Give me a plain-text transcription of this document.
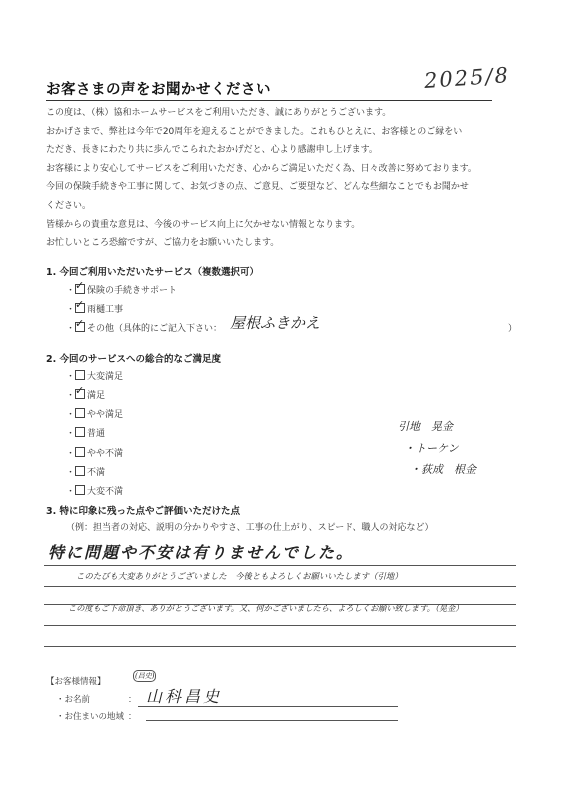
お客さまの声をお聞かせください	2025/8

この度は、（株）協和ホームサービスをご利用いただき、誠にありがとうございます。

おかげさまで、弊社は今年で20周年を迎えることができました。これもひとえに、お客様とのご縁をい

ただき、長きにわたり共に歩んでこられたおかげだと、心より感謝申し上げます。

お客様により安心してサービスをご利用いただき、心からご満足いただく為、日々改善に努めております。

今回の保険手続きや工事に関して、お気づきの点、ご意見、ご要望など、どんな些細なことでもお聞かせ

ください。

皆様からの貴重な意見は、今後のサービス向上に欠かせない情報となります。

お忙しいところ恐縮ですが、ご協力をお願いいたします。

1. 今回ご利用いただいたサービス（複数選択可）
・ ✓ 保険の手続きサポート
・ ✓ 雨樋工事
・ ✓ その他（具体的にご記入下さい： 屋根ふきかえ	）
2. 今回のサービスへの総合的なご満足度
・ 大変満足
・ ✓ 満足
・ やや満足
・ 普通
・ やや不満
・ 不満
・ 大変不満
引地　晃金
・トーケン
・荻成　根金
3. 特に印象に残った点やご評価いただけた点
（例：担当者の対応、説明の分かりやすさ、工事の仕上がり、スピード、職人の対応など）
特に問題や不安は有りませんでした。
このたびも大変ありがとうございました　今後ともよろしくお願いいたします（引地）
この度もご下命頂き、ありがとうございます。又、何かございましたら、よろしくお願い致します。（晃金）
【お客様情報】
・お名前	：
(昌史)
山科昌史
・お住まいの地域 ：
